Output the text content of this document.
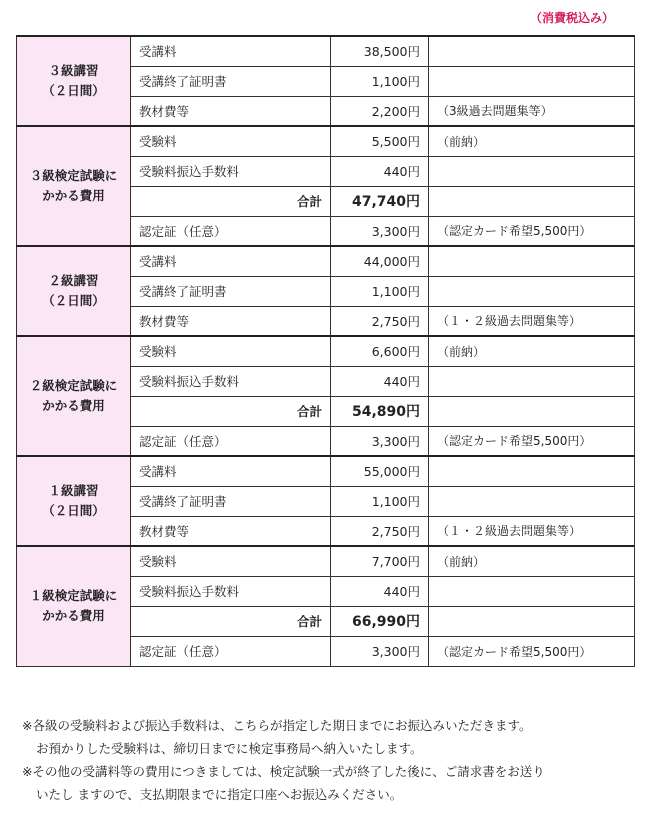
（消費税込み）
３級講習
（２日間）	受講料	38,500円	
	受講終了証明書	1,100円	
	教材費等	2,200円	（3級過去問題集等）

３級検定試験に
かかる費用	受験料	5,500円	（前納）
	受験料振込手数料	440円	
	合計	47,740円	
	認定証（任意）	3,300円	（認定カード希望5,500円）

２級講習
（２日間）	受講料	44,000円	
	受講終了証明書	1,100円	
	教材費等	2,750円	（１・２級過去問題集等）

２級検定試験に
かかる費用	受験料	6,600円	（前納）
	受験料振込手数料	440円	
	合計	54,890円	
	認定証（任意）	3,300円	（認定カード希望5,500円）

１級講習
（２日間）	受講料	55,000円	
	受講終了証明書	1,100円	
	教材費等	2,750円	（１・２級過去問題集等）

１級検定試験に
かかる費用	受験料	7,700円	（前納）
	受験料振込手数料	440円	
	合計	66,990円	
	認定証（任意）	3,300円	（認定カード希望5,500円）
※各級の受験料および振込手数料は、こちらが指定した期日までにお振込みいただきます。
お預かりした受験料は、締切日までに検定事務局へ納入いたします。
※その他の受講料等の費用につきましては、検定試験一式が終了した後に、ご請求書をお送り
いたし ますので、支払期限までに指定口座へお振込みください。
